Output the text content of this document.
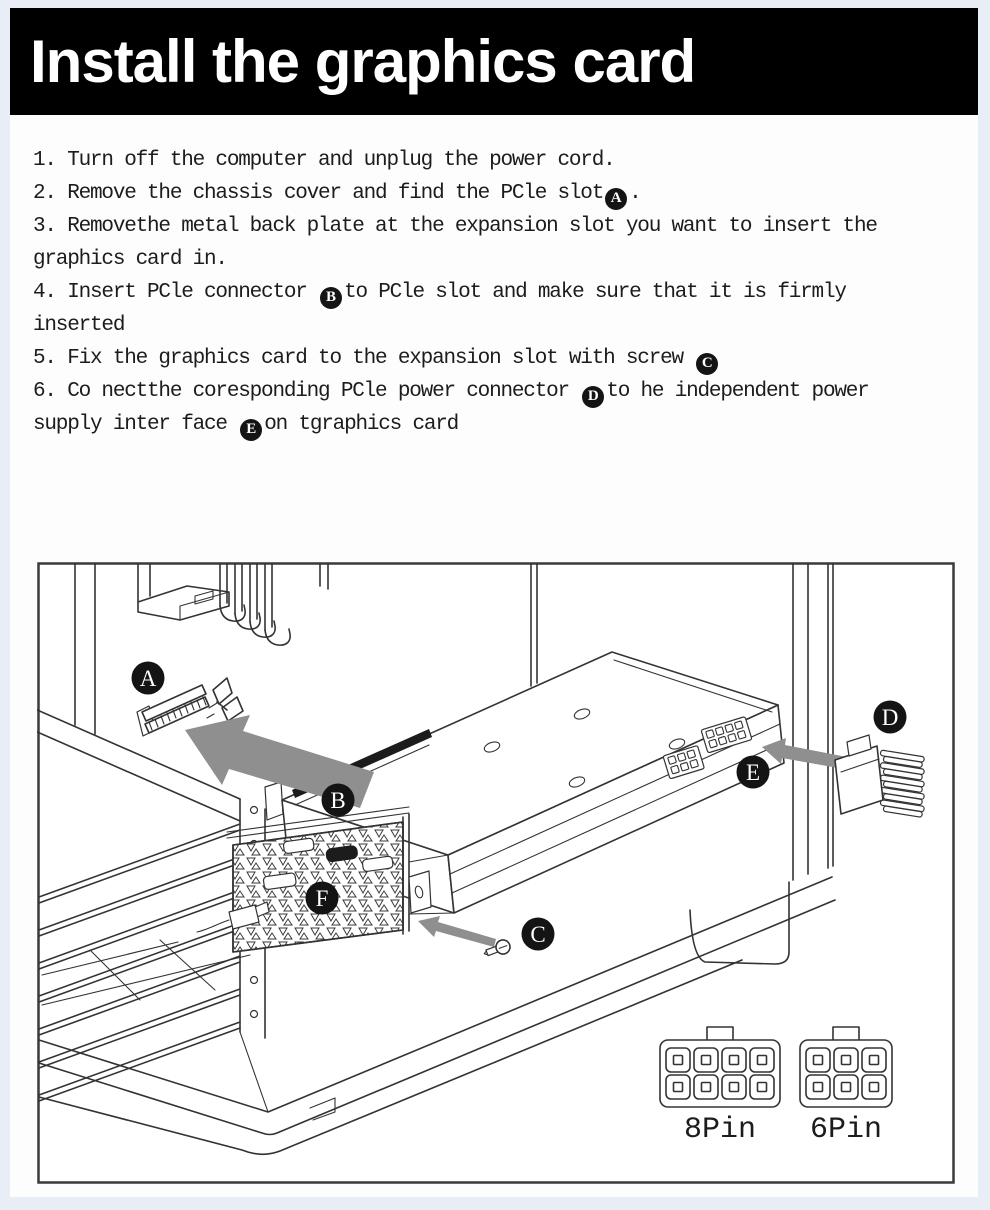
Install the graphics card
1. Turn off the computer and unplug the power cord.
2. Remove the chassis cover and find the PCle slot A .
3. Removethe metal back plate at the expansion slot you want to insert the
graphics card in.
4. Insert PCle connector B to PCle slot and make sure that it is firmly
inserted
5. Fix the graphics card to the expansion slot with screw C
6. Co nectthe coresponding PCle power connector D to he independent power
supply inter face E on tgraphics card
8Pin 6Pin
A
B
C
D
E
F
